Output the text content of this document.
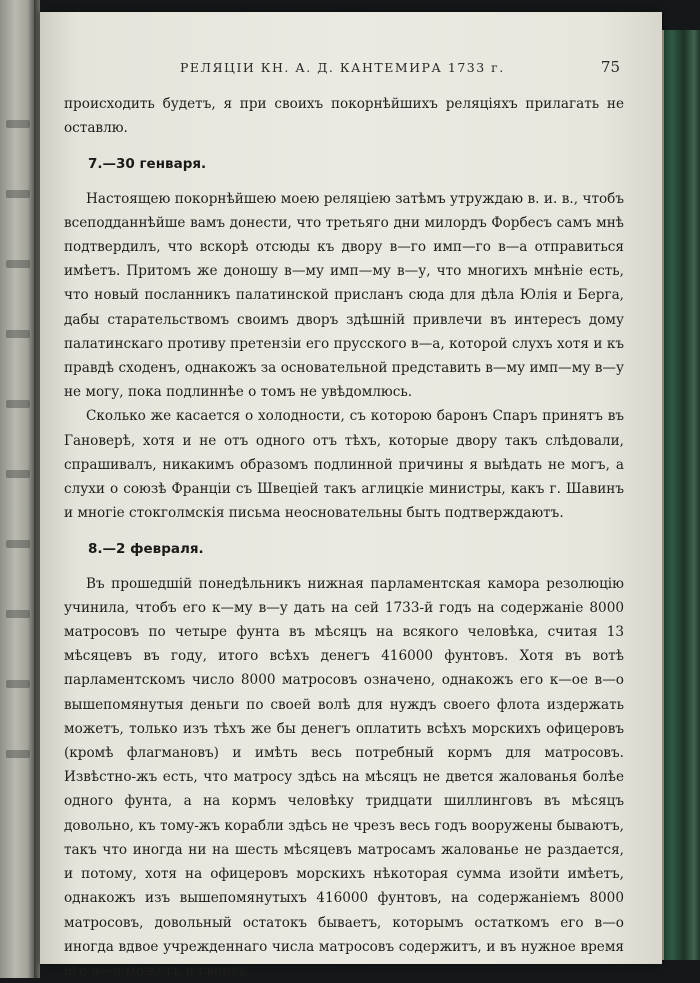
РЕЛЯЦІИ КН. А. Д. КАНТЕМИРА 1733 г.	75

происходить будетъ, я при своихъ покорнѣйшихъ реляціяхъ прилагать не оставлю.

7.—30 генваря.

Настоящею покорнѣйшею моею реляціею затѣмъ утруждаю в. и. в., чтобъ всеподданнѣйше вамъ донести, что третьяго дни милордъ Форбесъ самъ мнѣ подтвердилъ, что вскорѣ отсюды къ двору в—го имп—го в—а отправиться имѣетъ. Притомъ же доношу в—му имп—му в—у, что многихъ мнѣніе есть, что новый посланникъ палатинской присланъ сюда для дѣла Юлія и Берга, дабы старательствомъ своимъ дворъ здѣшній привлечи въ интересъ дому палатинскаго противу претензіи его прусского в—а, которой слухъ хотя и къ правдѣ сходенъ, однакожъ за основательной представить в—му имп—му в—у не могу, пока подлиннѣе о томъ не увѣдомлюсь.

Сколько же касается о холодности, съ которою баронъ Спаръ принятъ въ Гановерѣ, хотя и не отъ одного отъ тѣхъ, которые двору такъ слѣдовали, спрашивалъ, никакимъ образомъ подлинной причины я выѣдать не могъ, а слухи о союзѣ Франціи съ Швеціей такъ аглицкіе министры, какъ г. Шавинъ и многіе стокголмскія письма неосновательны быть подтверждаютъ.

8.—2 февраля.

Въ прошедшій понедѣльникъ нижная парламентская камора резолюцію учинила, чтобъ его к—му в—у дать на сей 1733-й годъ на содержаніе 8000 матросовъ по четыре фунта въ мѣсяцъ на всякого человѣка, считая 13 мѣсяцевъ въ году, итого всѣхъ денегъ 416000 фунтовъ. Хотя въ вотѣ парламентскомъ число 8000 матросовъ означено, однакожъ его к—ое в—о вышепомянутыя деньги по своей волѣ для нуждъ своего флота издержать можетъ, только изъ тѣхъ же бы денегъ оплатить всѣхъ морскихъ офицеровъ (кромѣ флагмановъ) и имѣть весь потребный кормъ для матросовъ. Извѣстно-жъ есть, что матросу здѣсь на мѣсяцъ не двется жалованья болѣе одного фунта, а на кормъ человѣку тридцати шиллинговъ въ мѣсяцъ довольно, къ тому-жъ корабли здѣсь не чрезъ весь годъ вооружены бываютъ, такъ что иногда ни на шесть мѣсяцевъ матросамъ жалованье не раздается, и потому, хотя на офицеровъ морскихъ нѣкоторая сумма изойти имѣетъ, однакожъ изъ вышепомянутыхъ 416000 фунтовъ, на содержаніемъ 8000 матросовъ, довольный остатокъ бываетъ, которымъ остаткомъ его в—о иногда вдвое учрежденнаго числа матросовъ содержитъ, и въ нужное время его в—о можетъ и сверхъ
